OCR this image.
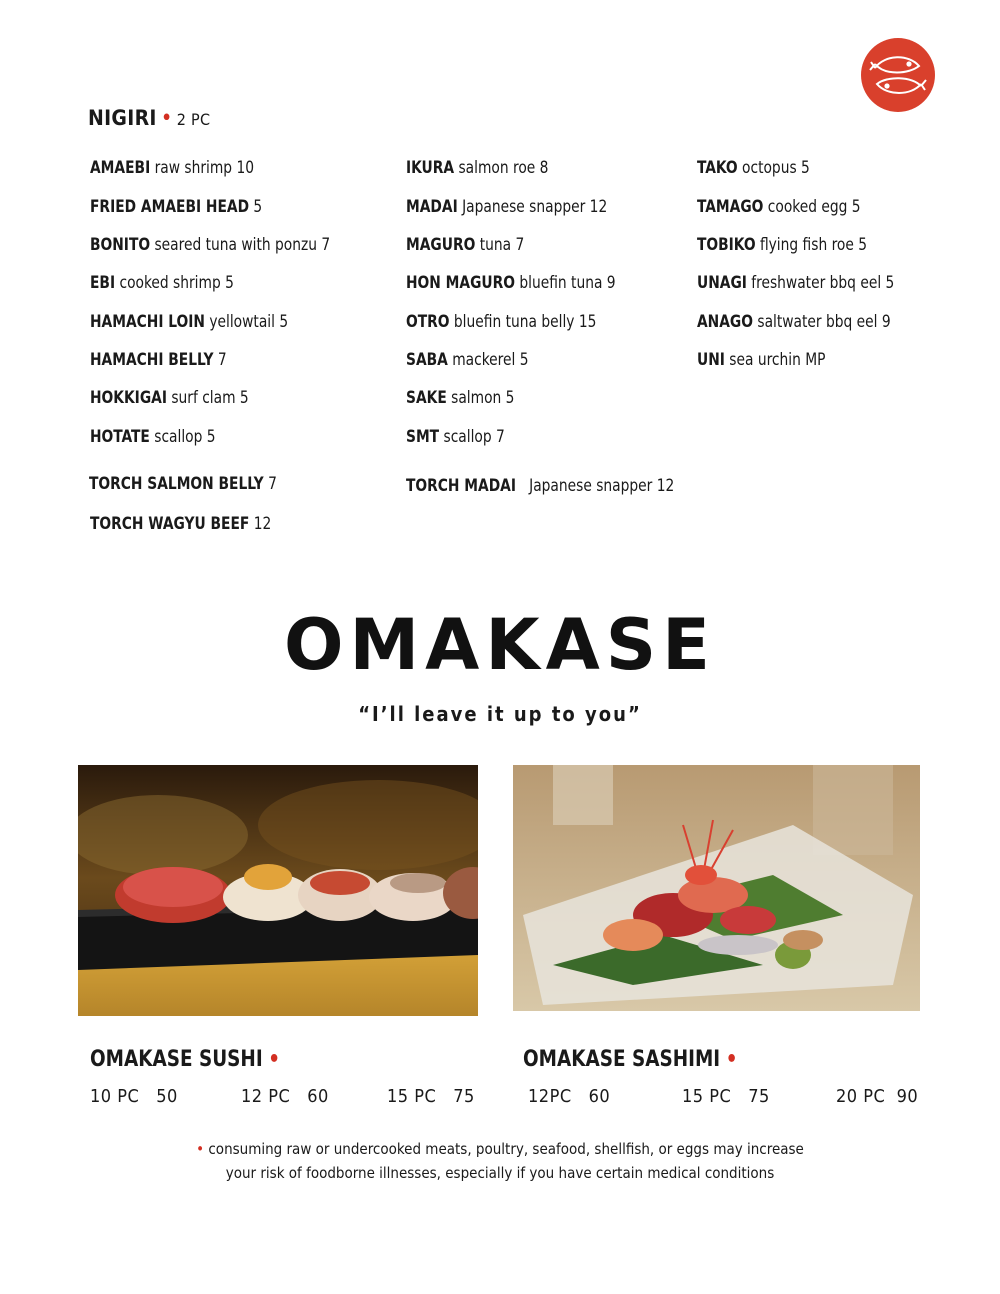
NIGIRI • 2 PC
AMAEBI raw shrimp 10
FRIED AMAEBI HEAD 5
BONITO seared tuna with ponzu 7
EBI cooked shrimp 5
HAMACHI LOIN yellowtail 5
HAMACHI BELLY 7
HOKKIGAI surf clam 5
HOTATE scallop 5
TORCH SALMON BELLY 7
TORCH WAGYU BEEF 12
IKURA salmon roe 8
MADAI Japanese snapper 12
MAGURO tuna 7
HON MAGURO bluefin tuna 9
OTRO bluefin tuna belly 15
SABA mackerel 5
SAKE salmon 5
SMT scallop 7
TORCH MADAI   Japanese snapper 12
TAKO octopus 5
TAMAGO cooked egg 5
TOBIKO flying fish roe 5
UNAGI freshwater bbq eel 5
ANAGO saltwater bbq eel 9
UNI sea urchin MP
OMAKASE
“I’ll leave it up to you”
OMAKASE SUSHI •
10 PC   50	12 PC   60	15 PC   75
OMAKASE SASHIMI •
12PC   60	15 PC   75	20 PC  90
• consuming raw or undercooked meats, poultry, seafood, shellfish, or eggs may increase
your risk of foodborne illnesses, especially if you have certain medical conditions
